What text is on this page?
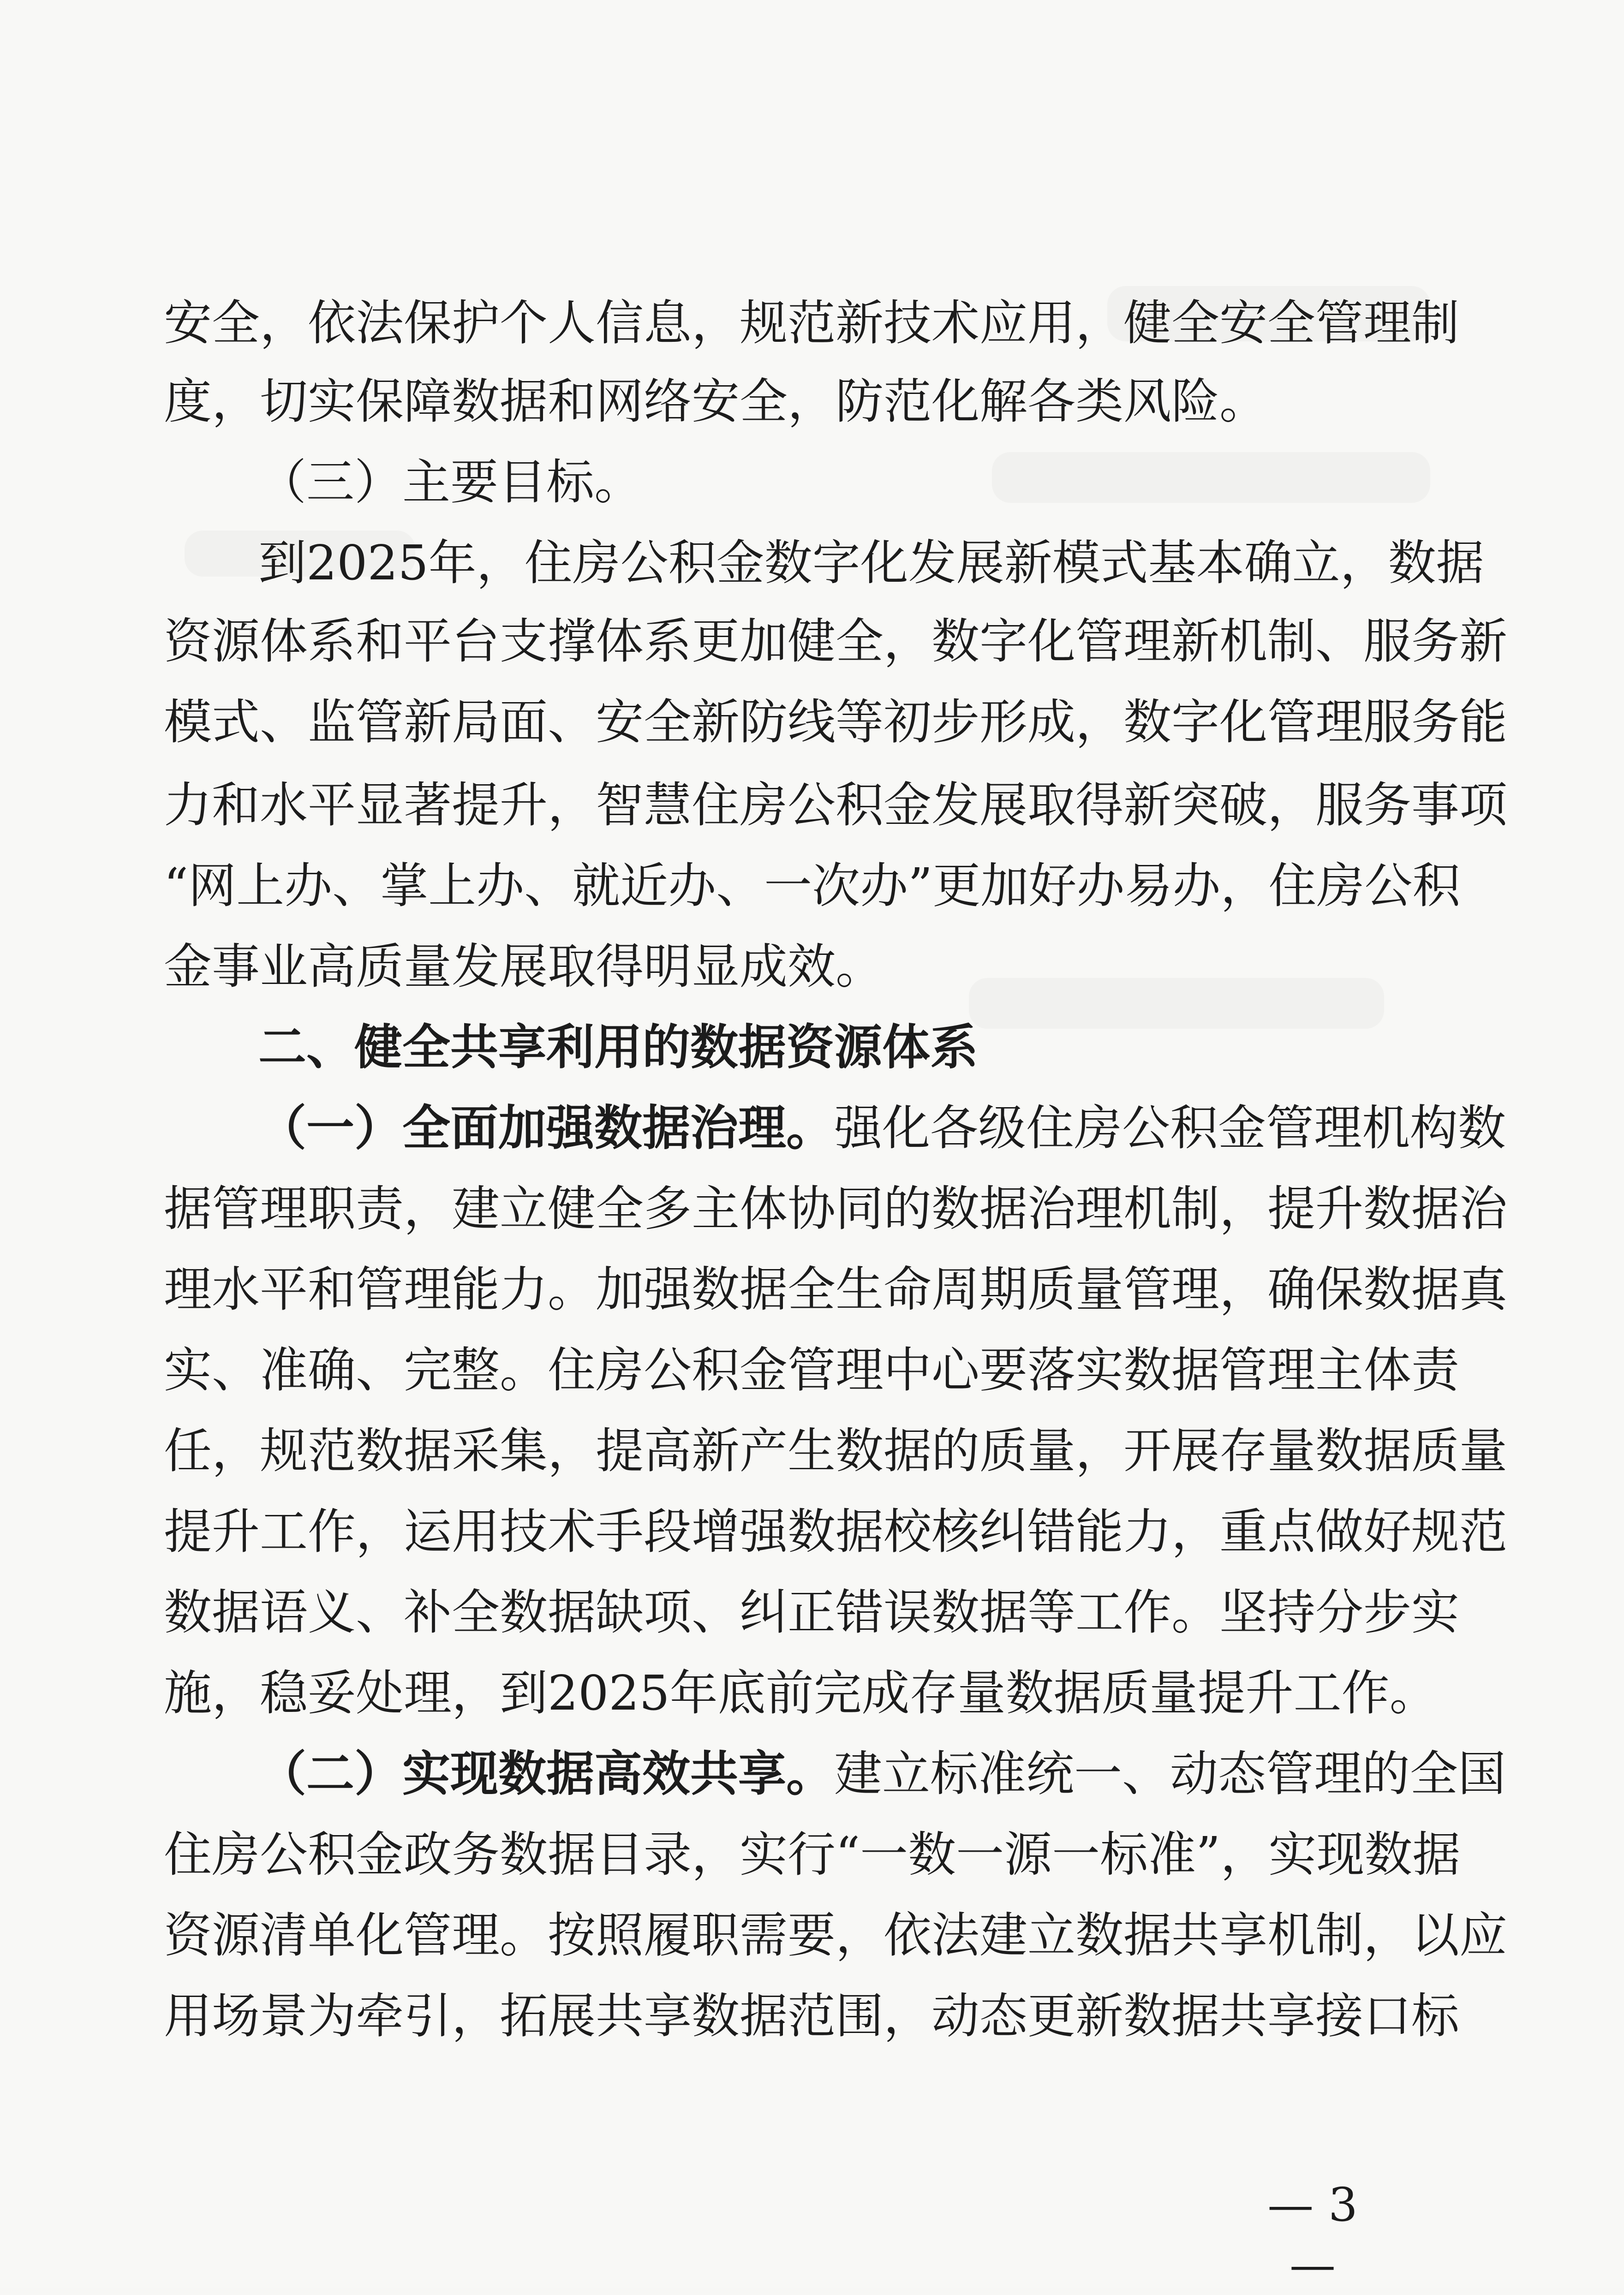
安全，依法保护个人信息，规范新技术应用，健全安全管理制
度，切实保障数据和网络安全，防范化解各类风险。
（三）主要目标。
到2025年，住房公积金数字化发展新模式基本确立，数据
资源体系和平台支撑体系更加健全，数字化管理新机制、服务新
模式、监管新局面、安全新防线等初步形成，数字化管理服务能
力和水平显著提升，智慧住房公积金发展取得新突破，服务事项
“网上办、掌上办、就近办、一次办”更加好办易办，住房公积
金事业高质量发展取得明显成效。
二、健全共享利用的数据资源体系
（一）全面加强数据治理。强化各级住房公积金管理机构数
据管理职责，建立健全多主体协同的数据治理机制，提升数据治
理水平和管理能力。加强数据全生命周期质量管理，确保数据真
实、准确、完整。住房公积金管理中心要落实数据管理主体责
任，规范数据采集，提高新产生数据的质量，开展存量数据质量
提升工作，运用技术手段增强数据校核纠错能力，重点做好规范
数据语义、补全数据缺项、纠正错误数据等工作。坚持分步实
施，稳妥处理，到2025年底前完成存量数据质量提升工作。
（二）实现数据高效共享。建立标准统一、动态管理的全国
住房公积金政务数据目录，实行“一数一源一标准”，实现数据
资源清单化管理。按照履职需要，依法建立数据共享机制，以应
用场景为牵引，拓展共享数据范围，动态更新数据共享接口标
— 3 —
